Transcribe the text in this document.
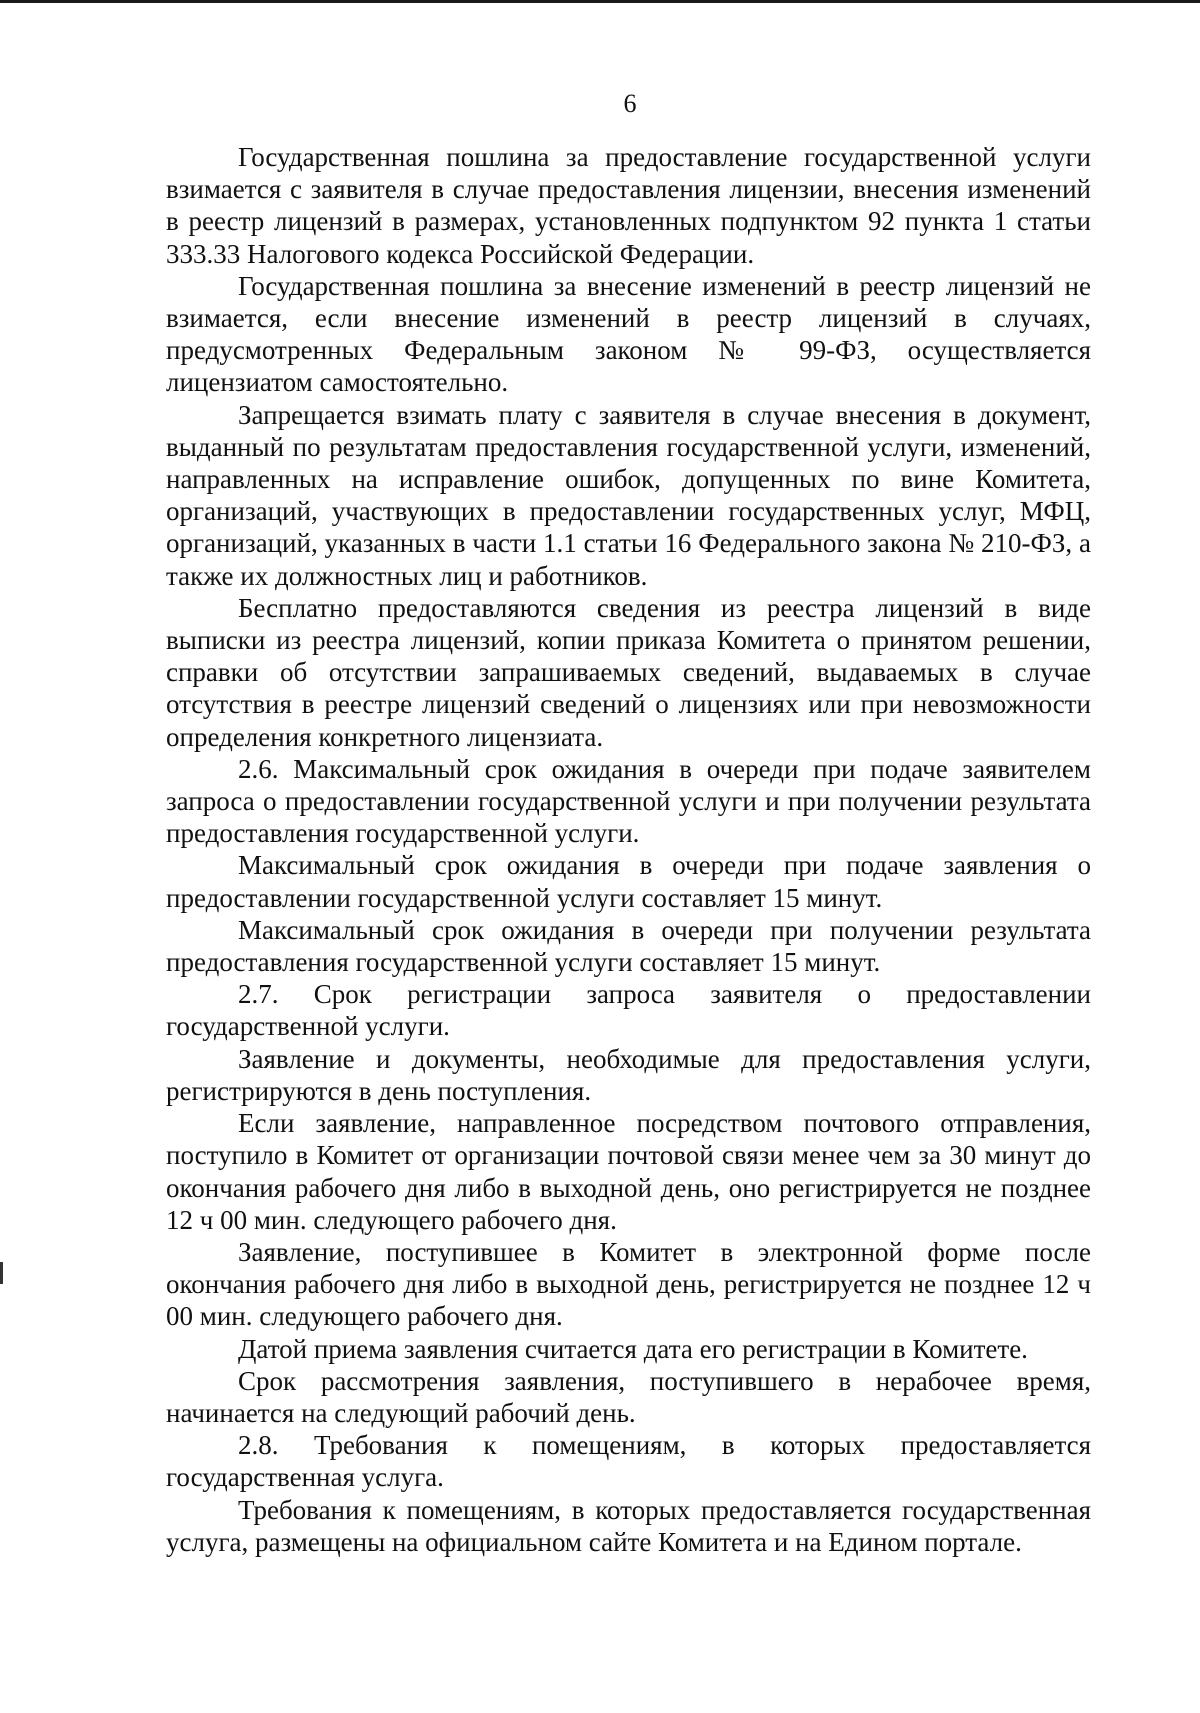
6

Государственная пошлина за предоставление государственной услуги взимается с заявителя в случае предоставления лицензии, внесения изменений в реестр лицензий в размерах, установленных подпунктом 92 пункта 1 статьи 333.33 Налогового кодекса Российской Федерации.

Государственная пошлина за внесение изменений в реестр лицензий не взимается, если внесение изменений в реестр лицензий в случаях, предусмотренных Федеральным законом № 99-ФЗ, осуществляется лицензиатом самостоятельно.

Запрещается взимать плату с заявителя в случае внесения в документ, выданный по результатам предоставления государственной услуги, изменений, направленных на исправление ошибок, допущенных по вине Комитета, организаций, участвующих в предоставлении государственных услуг, МФЦ, организаций, указанных в части 1.1 статьи 16 Федерального закона № 210-ФЗ, а также их должностных лиц и работников.

Бесплатно предоставляются сведения из реестра лицензий в виде выписки из реестра лицензий, копии приказа Комитета о принятом решении, справки об отсутствии запрашиваемых сведений, выдаваемых в случае отсутствия в реестре лицензий сведений о лицензиях или при невозможности определения конкретного лицензиата.

2.6. Максимальный срок ожидания в очереди при подаче заявителем запроса о предоставлении государственной услуги и при получении результата предоставления государственной услуги.

Максимальный срок ожидания в очереди при подаче заявления о предоставлении государственной услуги составляет 15 минут.

Максимальный срок ожидания в очереди при получении результата предоставления государственной услуги составляет 15 минут.

2.7. Срок регистрации запроса заявителя о предоставлении государственной услуги.

Заявление и документы, необходимые для предоставления услуги, регистрируются в день поступления.

Если заявление, направленное посредством почтового отправления, поступило в Комитет от организации почтовой связи менее чем за 30 минут до окончания рабочего дня либо в выходной день, оно регистрируется не позднее 12 ч 00 мин. следующего рабочего дня.

Заявление, поступившее в Комитет в электронной форме после окончания рабочего дня либо в выходной день, регистрируется не позднее 12 ч 00 мин. следующего рабочего дня.

Датой приема заявления считается дата его регистрации в Комитете.

Срок рассмотрения заявления, поступившего в нерабочее время, начинается на следующий рабочий день.

2.8. Требования к помещениям, в которых предоставляется государственная услуга.

Требования к помещениям, в которых предоставляется государственная услуга, размещены на официальном сайте Комитета и на Едином портале.
